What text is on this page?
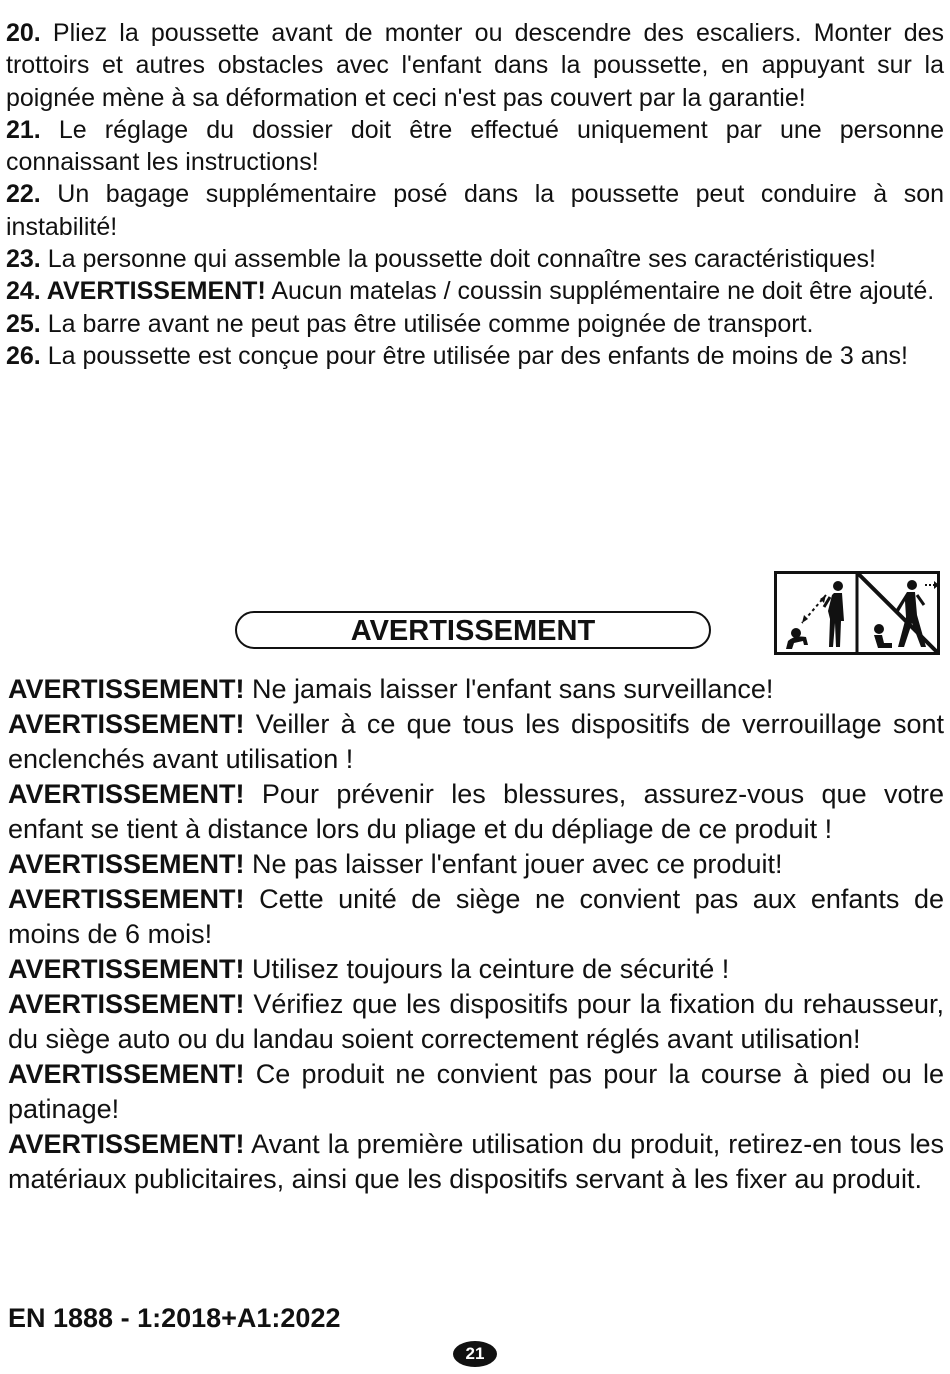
20. Pliez la poussette avant de monter ou descendre des escaliers. Monter des trottoirs et autres obstacles avec l'enfant dans la poussette, en appuyant sur la poignée mène à sa déformation et ceci n'est pas couvert par la garantie!

21. Le réglage du dossier doit être effectué uniquement par une personne connaissant les instructions!

22. Un bagage supplémentaire posé dans la poussette peut conduire à son instabilité!

23. La personne qui assemble la poussette doit connaître ses caractéristiques!

24. AVERTISSEMENT! Aucun matelas / coussin supplémentaire ne doit être ajouté.

25. La barre avant ne peut pas être utilisée comme poignée de transport.

26. La poussette est conçue pour être utilisée par des enfants de moins de 3 ans!

AVERTISSEMENT

AVERTISSEMENT! Ne jamais laisser l'enfant sans surveillance!

AVERTISSEMENT! Veiller à ce que tous les dispositifs de verrouillage sont enclenchés avant utilisation !

AVERTISSEMENT! Pour prévenir les blessures, assurez-vous que votre enfant se tient à distance lors du pliage et du dépliage de ce produit !

AVERTISSEMENT! Ne pas laisser l'enfant jouer avec ce produit!

AVERTISSEMENT! Cette unité de siège ne convient pas aux enfants de moins de 6 mois!

AVERTISSEMENT! Utilisez toujours la ceinture de sécurité !

AVERTISSEMENT! Vérifiez que les dispositifs pour la fixation du rehausseur, du siège auto ou du landau soient correctement réglés avant utilisation!

AVERTISSEMENT! Ce produit ne convient pas pour la course à pied ou le patinage!

AVERTISSEMENT! Avant la première utilisation du produit, retirez-en tous les matériaux publicitaires, ainsi que les dispositifs servant à les fixer au produit.

EN 1888 - 1:2018+A1:2022
21
